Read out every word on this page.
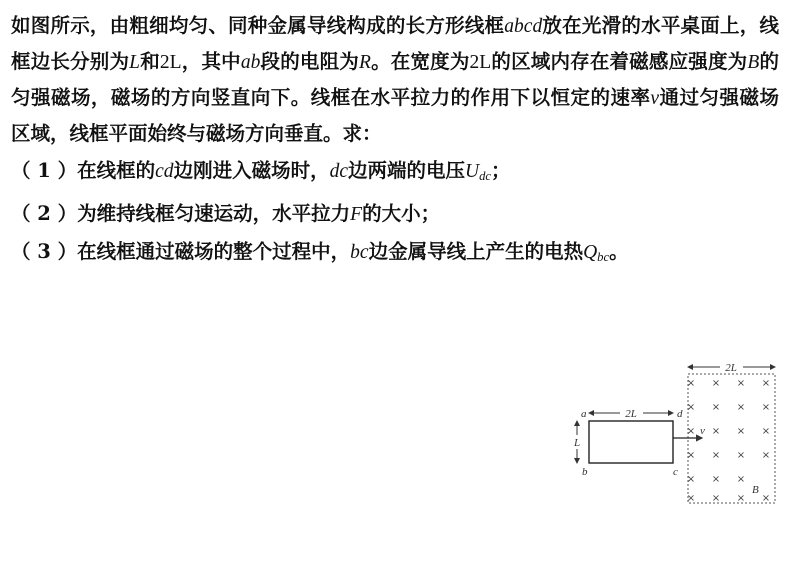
如图所示，由粗细均匀、同种金属导线构成的长方形线框abcd放在光滑的水平桌面上，线框边长分别为L和2L，其中ab段的电阻为R。在宽度为2L的区域内存在着磁感应强度为B的匀强磁场，磁场的方向竖直向下。线框在水平拉力的作用下以恒定的速率v通过匀强磁场区域，线框平面始终与磁场方向垂直。求：

（ 1 ）在线框的cd边刚进入磁场时，dc边两端的电压$U_{dc}$；

（ 2 ）为维持线框匀速运动，水平拉力F的大小；

（ 3 ）在线框通过磁场的整个过程中，bc边金属导线上产生的电热$Q_{bc}$。

× × × ×
× × × ×
× × × ×
× × × ×
× × ×
× × × ×
2L
a
b	c
d
2L
L
v
B
